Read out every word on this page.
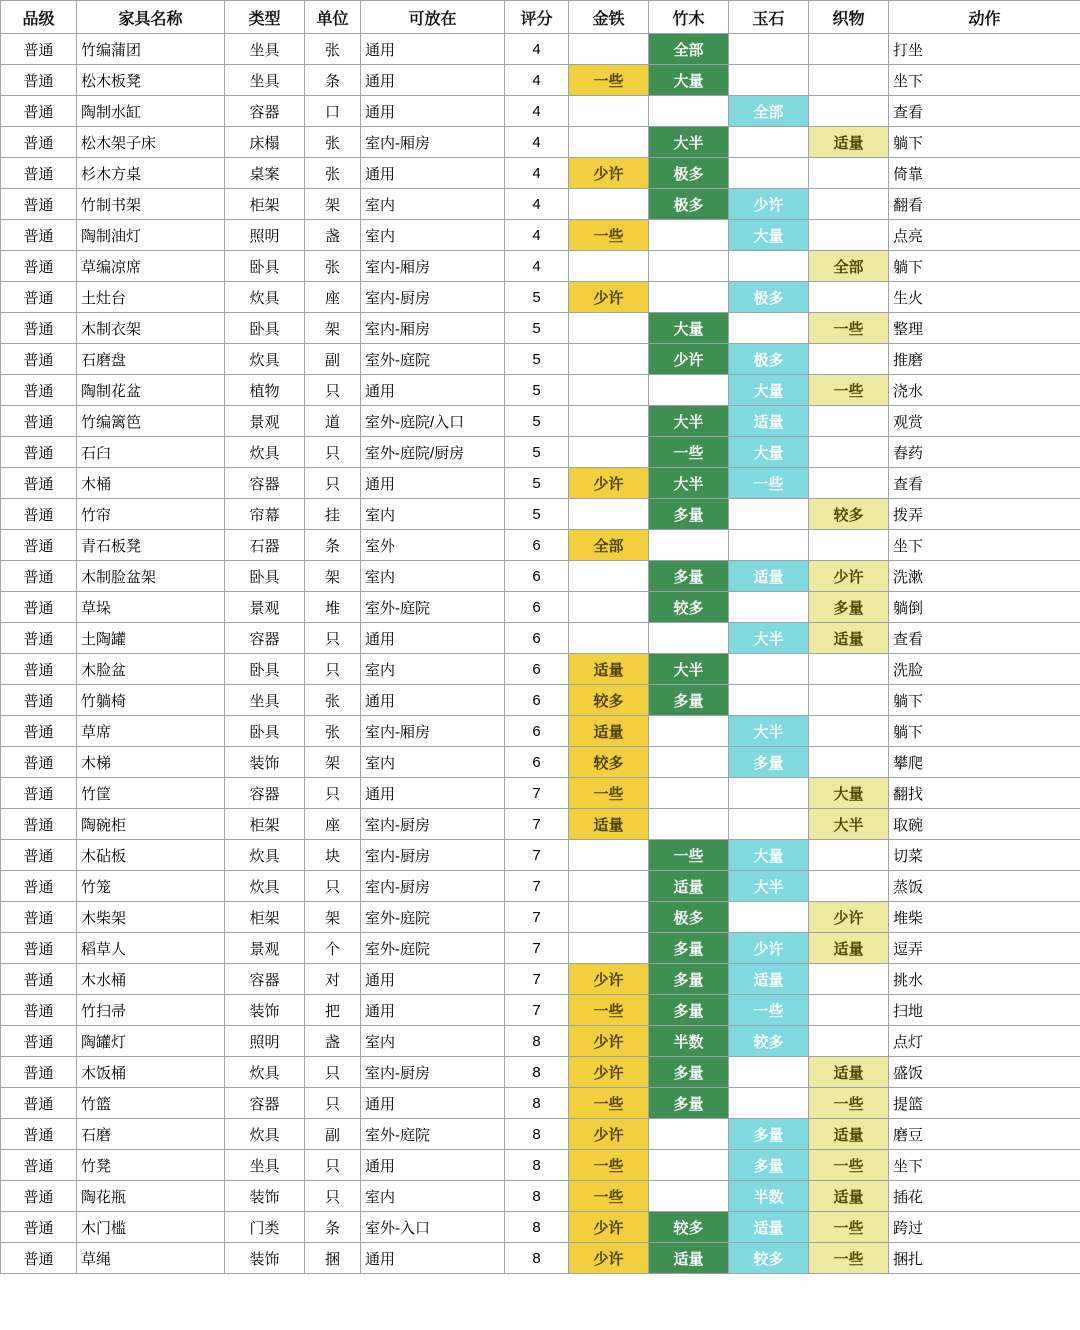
品级	家具名称	类型	单位	可放在	评分	金铁	竹木	玉石	织物	动作
普通	竹编蒲团	坐具	张	通用	4		全部			打坐
普通	松木板凳	坐具	条	通用	4	一些	大量			坐下
普通	陶制水缸	容器	口	通用	4			全部		查看
普通	松木架子床	床榻	张	室内-厢房	4		大半		适量	躺下
普通	杉木方桌	桌案	张	通用	4	少许	极多			倚靠
普通	竹制书架	柜架	架	室内	4		极多	少许		翻看
普通	陶制油灯	照明	盏	室内	4	一些		大量		点亮
普通	草编凉席	卧具	张	室内-厢房	4				全部	躺下
普通	土灶台	炊具	座	室内-厨房	5	少许		极多		生火
普通	木制衣架	卧具	架	室内-厢房	5		大量		一些	整理
普通	石磨盘	炊具	副	室外-庭院	5		少许	极多		推磨
普通	陶制花盆	植物	只	通用	5			大量	一些	浇水
普通	竹编篱笆	景观	道	室外-庭院/入口	5		大半	适量		观赏
普通	石臼	炊具	只	室外-庭院/厨房	5		一些	大量		舂药
普通	木桶	容器	只	通用	5	少许	大半	一些		查看
普通	竹帘	帘幕	挂	室内	5		多量		较多	拨弄
普通	青石板凳	石器	条	室外	6	全部				坐下
普通	木制脸盆架	卧具	架	室内	6		多量	适量	少许	洗漱
普通	草垛	景观	堆	室外-庭院	6		较多		多量	躺倒
普通	土陶罐	容器	只	通用	6			大半	适量	查看
普通	木脸盆	卧具	只	室内	6	适量	大半			洗脸
普通	竹躺椅	坐具	张	通用	6	较多	多量			躺下
普通	草席	卧具	张	室内-厢房	6	适量		大半		躺下
普通	木梯	装饰	架	室内	6	较多		多量		攀爬
普通	竹筐	容器	只	通用	7	一些			大量	翻找
普通	陶碗柜	柜架	座	室内-厨房	7	适量			大半	取碗
普通	木砧板	炊具	块	室内-厨房	7		一些	大量		切菜
普通	竹笼	炊具	只	室内-厨房	7		适量	大半		蒸饭
普通	木柴架	柜架	架	室外-庭院	7		极多		少许	堆柴
普通	稻草人	景观	个	室外-庭院	7		多量	少许	适量	逗弄
普通	木水桶	容器	对	通用	7	少许	多量	适量		挑水
普通	竹扫帚	装饰	把	通用	7	一些	多量	一些		扫地
普通	陶罐灯	照明	盏	室内	8	少许	半数	较多		点灯
普通	木饭桶	炊具	只	室内-厨房	8	少许	多量		适量	盛饭
普通	竹篮	容器	只	通用	8	一些	多量		一些	提篮
普通	石磨	炊具	副	室外-庭院	8	少许		多量	适量	磨豆
普通	竹凳	坐具	只	通用	8	一些		多量	一些	坐下
普通	陶花瓶	装饰	只	室内	8	一些		半数	适量	插花
普通	木门槛	门类	条	室外-入口	8	少许	较多	适量	一些	跨过
普通	草绳	装饰	捆	通用	8	少许	适量	较多	一些	捆扎
